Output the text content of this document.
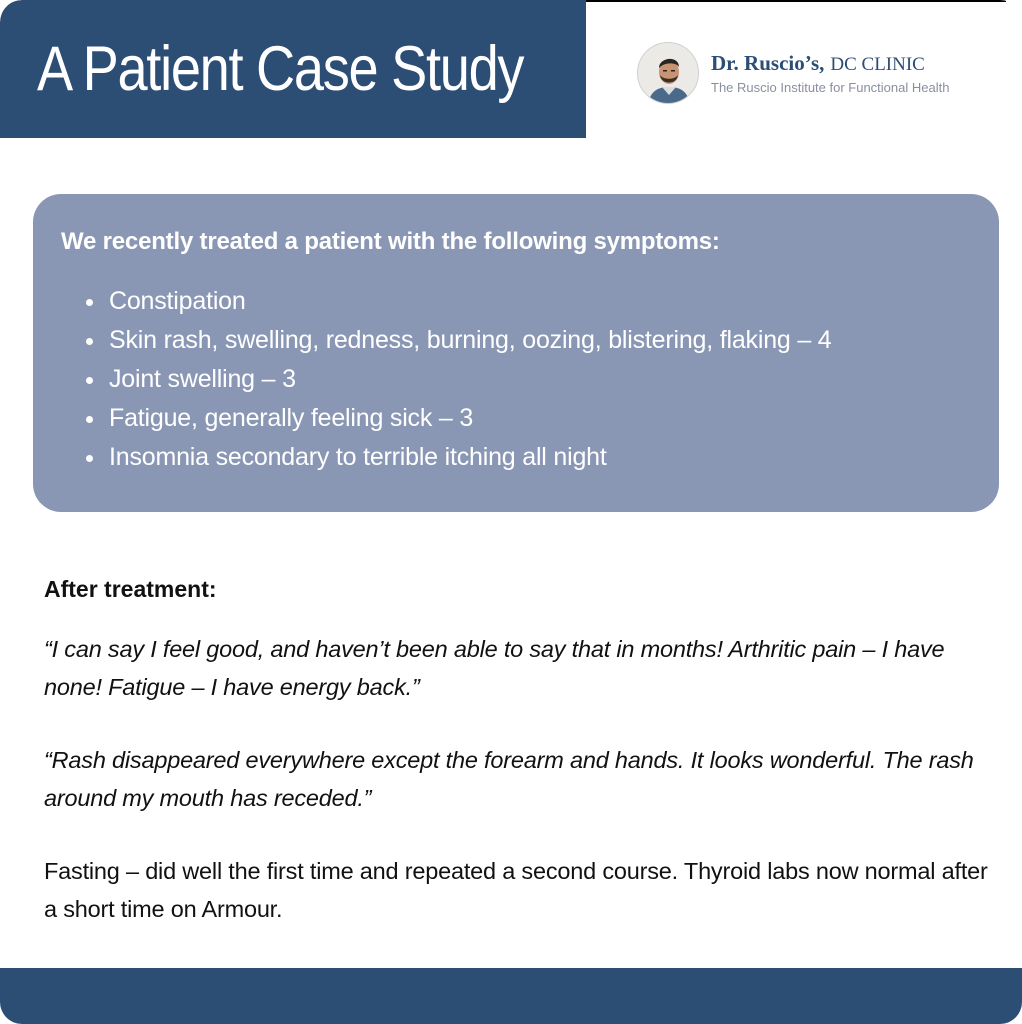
A Patient Case Study	Dr. Ruscio’s, DC CLINIC
The Ruscio Institute for Functional Health
We recently treated a patient with the following symptoms:
Constipation
Skin rash, swelling, redness, burning, oozing, blistering, flaking – 4
Joint swelling – 3
Fatigue, generally feeling sick – 3
Insomnia secondary to terrible itching all night
After treatment:

“I can say I feel good, and haven’t been able to say that in months! Arthritic pain – I have none! Fatigue – I have energy back.”

“Rash disappeared everywhere except the forearm and hands. It looks wonderful. The rash around my mouth has receded.”

Fasting – did well the first time and repeated a second course. Thyroid labs now normal after a short time on Armour.
